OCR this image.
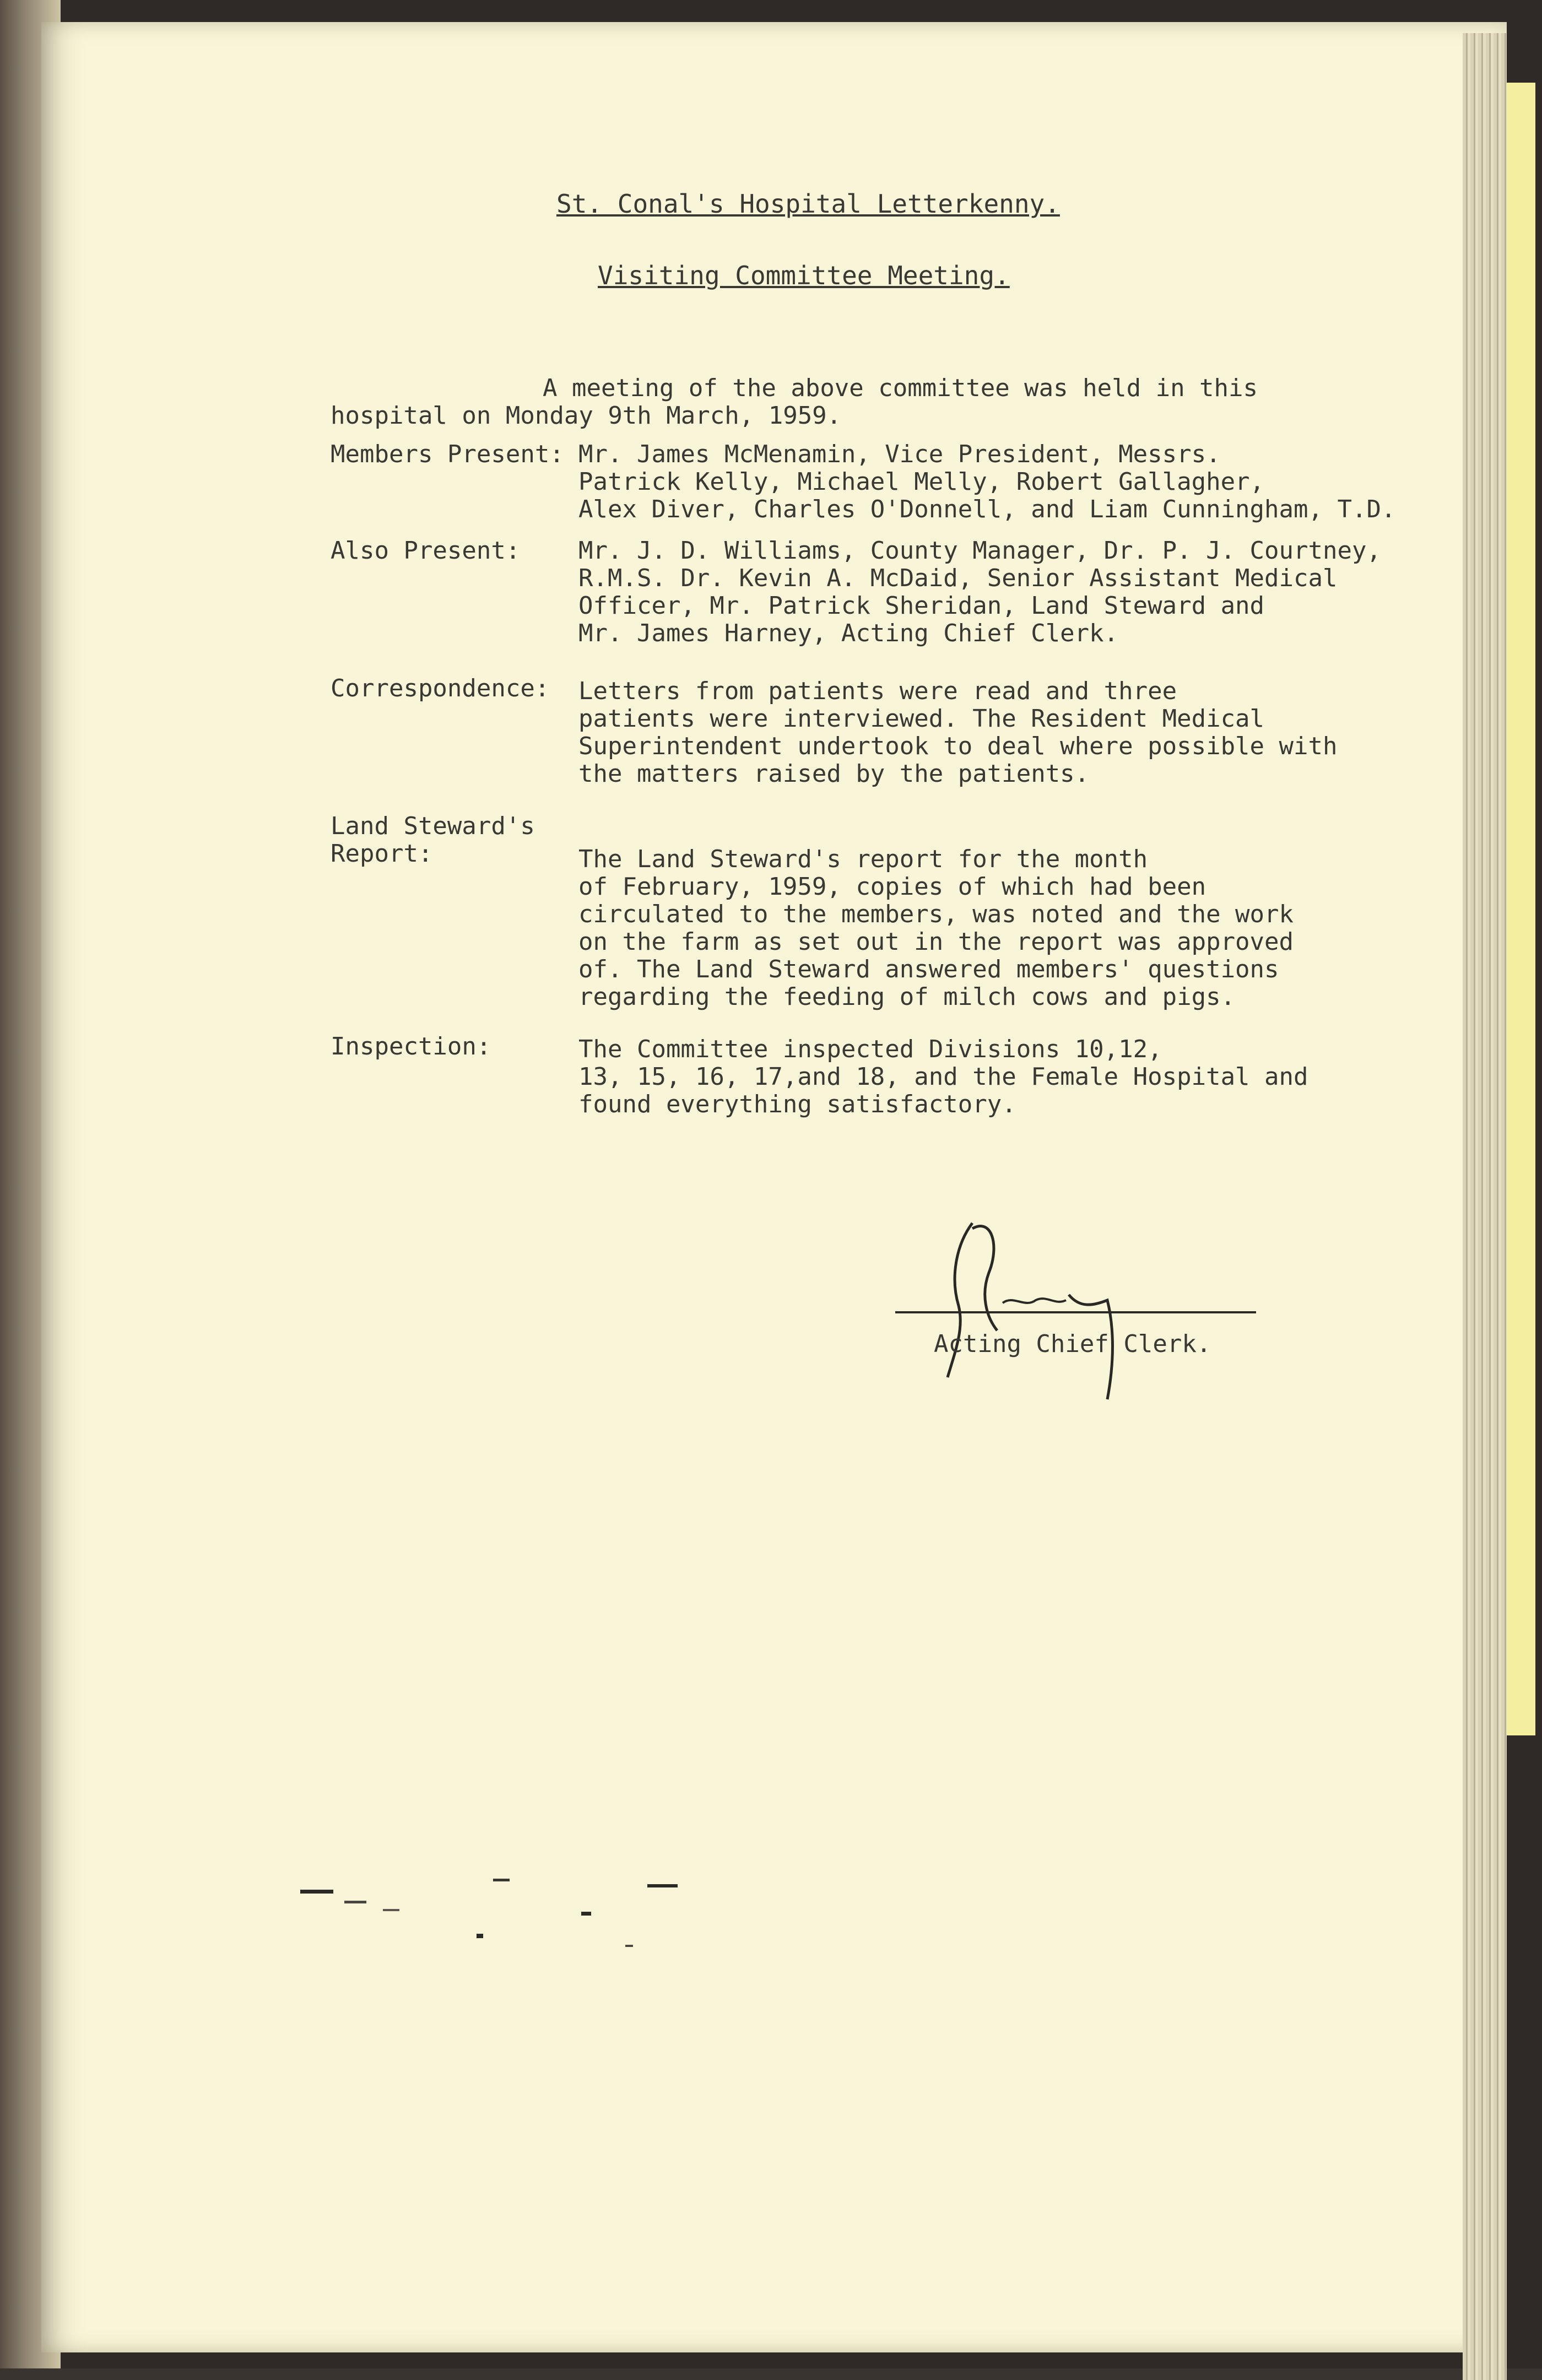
St. Conal's Hospital Letterkenny.
Visiting Committee Meeting.
A meeting of the above committee was held in this
hospital on Monday 9th March, 1959.
Members Present: Mr. James McMenamin, Vice President, Messrs.
Patrick Kelly, Michael Melly, Robert Gallagher,
Alex Diver, Charles O'Donnell, and Liam Cunningham, T.D.
Also Present: Mr. J. D. Williams, County Manager, Dr. P. J. Courtney,
R.M.S. Dr. Kevin A. McDaid, Senior Assistant Medical
Officer, Mr. Patrick Sheridan, Land Steward and
Mr. James Harney, Acting Chief Clerk.
Correspondence: Letters from patients were read and three
patients were interviewed. The Resident Medical
Superintendent undertook to deal where possible with
the matters raised by the patients.
Land Steward's
Report:	The Land Steward's report for the month
of February, 1959, copies of which had been
circulated to the members, was noted and the work
on the farm as set out in the report was approved
of. The Land Steward answered members' questions
regarding the feeding of milch cows and pigs.
Inspection:	The Committee inspected Divisions 10,12,
13, 15, 16, 17,and 18, and the Female Hospital and
found everything satisfactory.
Acting Chief Clerk.
